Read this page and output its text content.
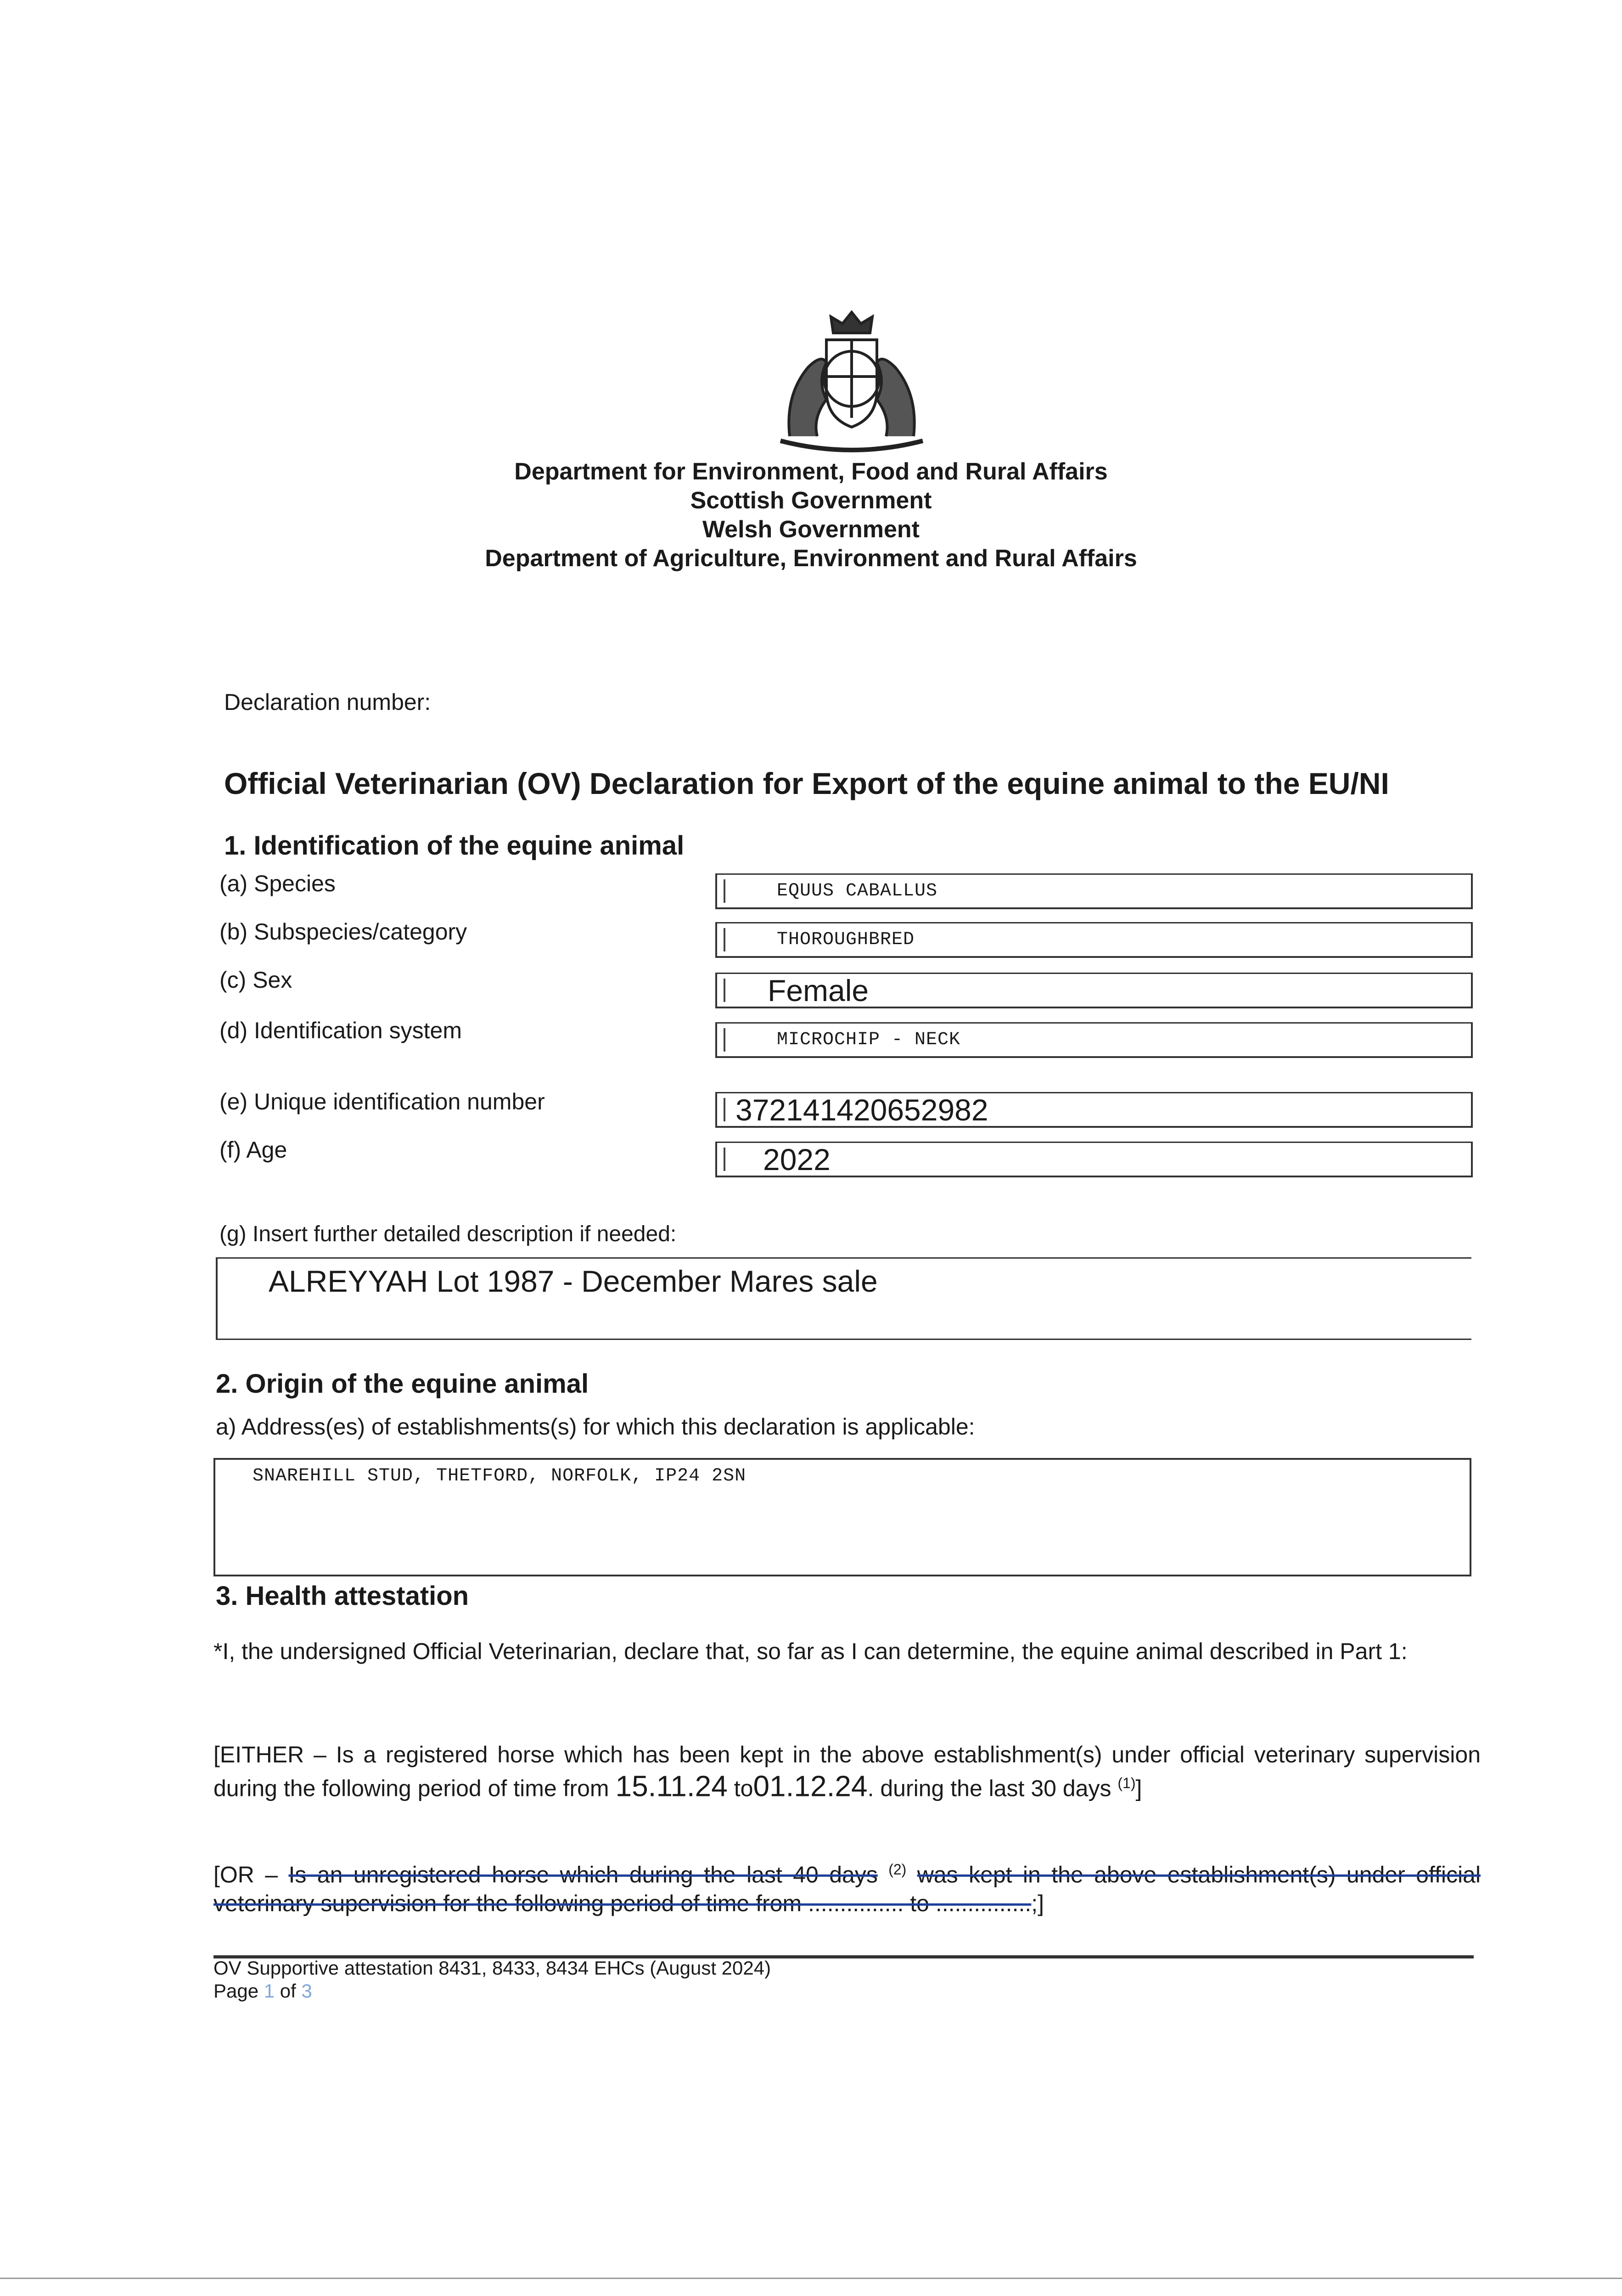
Department for Environment, Food and Rural Affairs
Scottish Government
Welsh Government
Department of Agriculture, Environment and Rural Affairs
Declaration number:
Official Veterinarian (OV) Declaration for Export of the equine animal to the EU/NI
1. Identification of the equine animal
(a) Species	EQUUS CABALLUS
(b) Subspecies/category	THOROUGHBRED
(c) Sex	Female
(d) Identification system	MICROCHIP - NECK
(e) Unique identification number	372141420652982
(f) Age	2022
(g) Insert further detailed description if needed:
ALREYYAH Lot 1987 - December Mares sale
2. Origin of the equine animal
a) Address(es) of establishments(s) for which this declaration is applicable:
SNAREHILL STUD, THETFORD, NORFOLK, IP24 2SN
3. Health attestation
*I, the undersigned Official Veterinarian, declare that, so far as I can determine, the equine animal described in Part 1:
[EITHER – Is a registered horse which has been kept in the above establishment(s) under official veterinary supervision during the following period of time from 15.11.24 to01.12.24. during the last 30 days $^{(1)}$]
[OR – Is an unregistered horse which during the last 40 days $^{(2)}$ was kept in the above establishment(s) under official veterinary supervision for the following period of time from ............... to ...............;]
OV Supportive attestation 8431, 8433, 8434 EHCs (August 2024)
Page 1 of 3
